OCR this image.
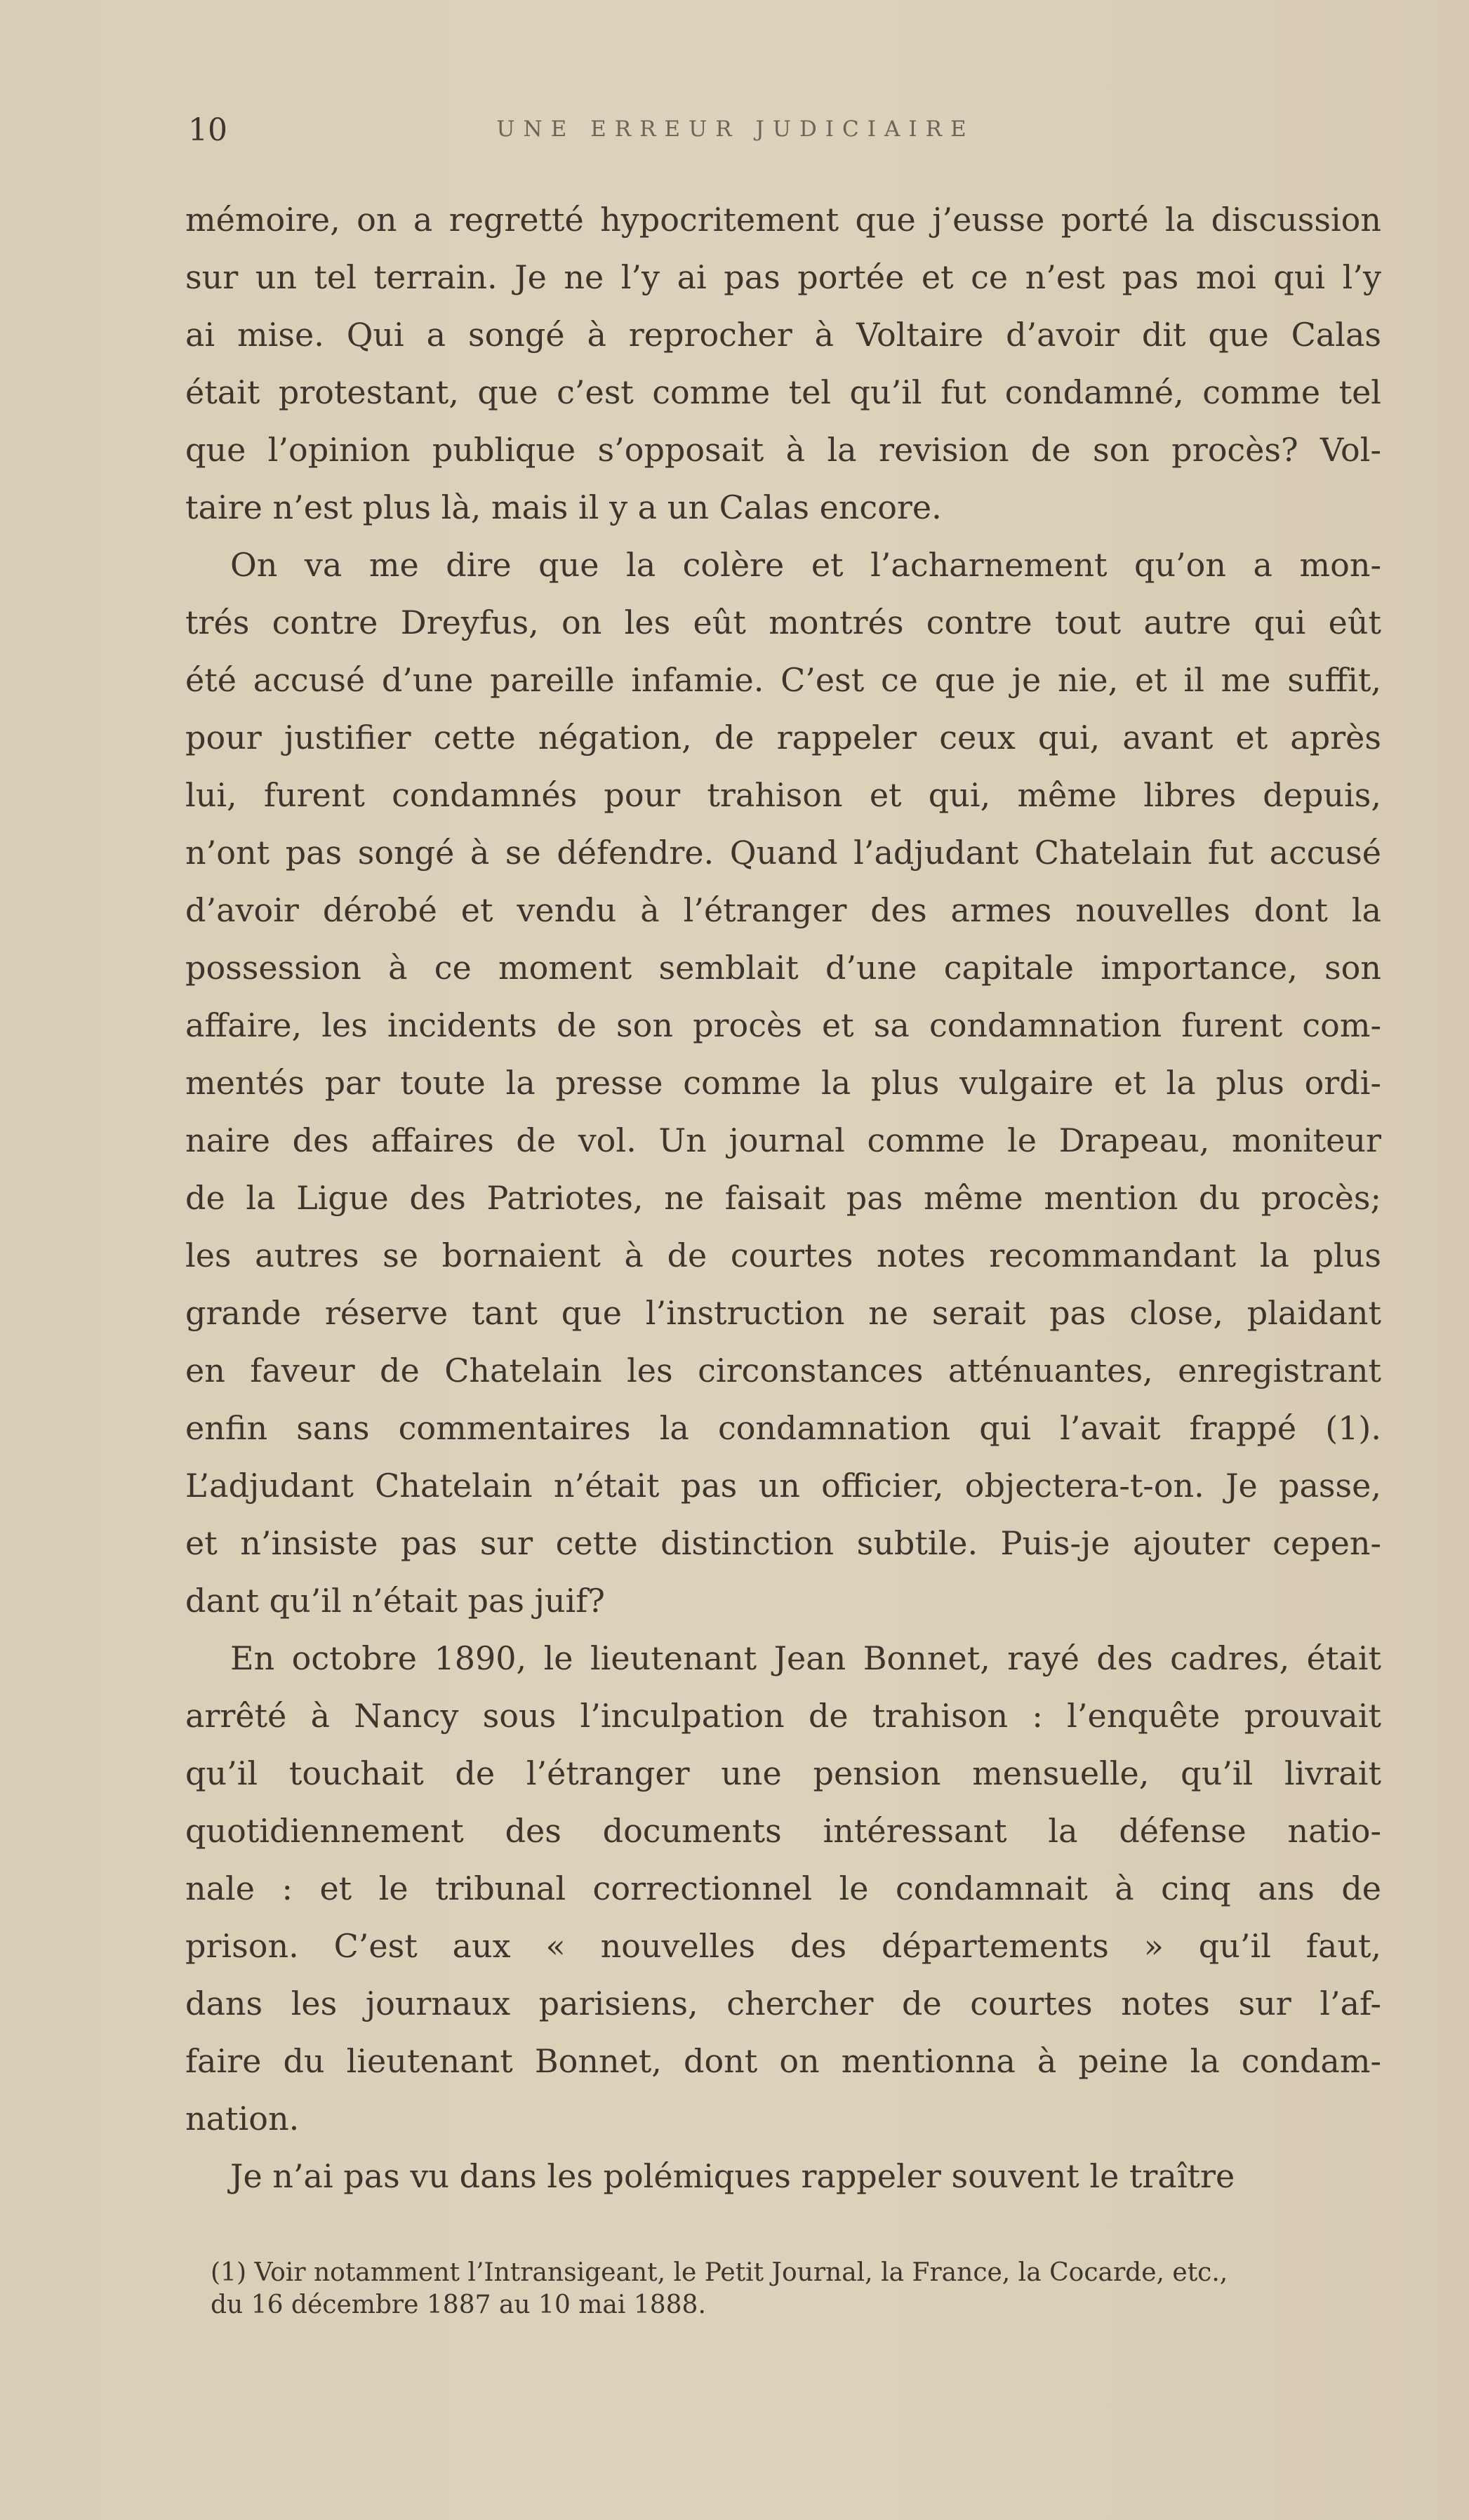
10	UNE ERREUR JUDICIAIRE
mémoire, on a regretté hypocritement que j’eusse porté la discussion
sur un tel terrain. Je ne l’y ai pas portée et ce n’est pas moi qui l’y
ai mise. Qui a songé à reprocher à Voltaire d’avoir dit que Calas
était protestant, que c’est comme tel qu’il fut condamné, comme tel
que l’opinion publique s’opposait à la revision de son procès? Vol-
taire n’est plus là, mais il y a un Calas encore.
On va me dire que la colère et l’acharnement qu’on a mon-
trés contre Dreyfus, on les eût montrés contre tout autre qui eût
été accusé d’une pareille infamie. C’est ce que je nie, et il me suffit,
pour justifier cette négation, de rappeler ceux qui, avant et après
lui, furent condamnés pour trahison et qui, même libres depuis,
n’ont pas songé à se défendre. Quand l’adjudant Chatelain fut accusé
d’avoir dérobé et vendu à l’étranger des armes nouvelles dont la
possession à ce moment semblait d’une capitale importance, son
affaire, les incidents de son procès et sa condamnation furent com-
mentés par toute la presse comme la plus vulgaire et la plus ordi-
naire des affaires de vol. Un journal comme le Drapeau, moniteur
de la Ligue des Patriotes, ne faisait pas même mention du procès;
les autres se bornaient à de courtes notes recommandant la plus
grande réserve tant que l’instruction ne serait pas close, plaidant
en faveur de Chatelain les circonstances atténuantes, enregistrant
enfin sans commentaires la condamnation qui l’avait frappé (1).
L’adjudant Chatelain n’était pas un officier, objectera-t-on. Je passe,
et n’insiste pas sur cette distinction subtile. Puis-je ajouter cepen-
dant qu’il n’était pas juif?
En octobre 1890, le lieutenant Jean Bonnet, rayé des cadres, était
arrêté à Nancy sous l’inculpation de trahison : l’enquête prouvait
qu’il touchait de l’étranger une pension mensuelle, qu’il livrait
quotidiennement des documents intéressant la défense natio-
nale : et le tribunal correctionnel le condamnait à cinq ans de
prison. C’est aux « nouvelles des départements » qu’il faut,
dans les journaux parisiens, chercher de courtes notes sur l’af-
faire du lieutenant Bonnet, dont on mentionna à peine la condam-
nation.
Je n’ai pas vu dans les polémiques rappeler souvent le traître
(1) Voir notamment l’Intransigeant, le Petit Journal, la France, la Cocarde, etc.,
du 16 décembre 1887 au 10 mai 1888.
